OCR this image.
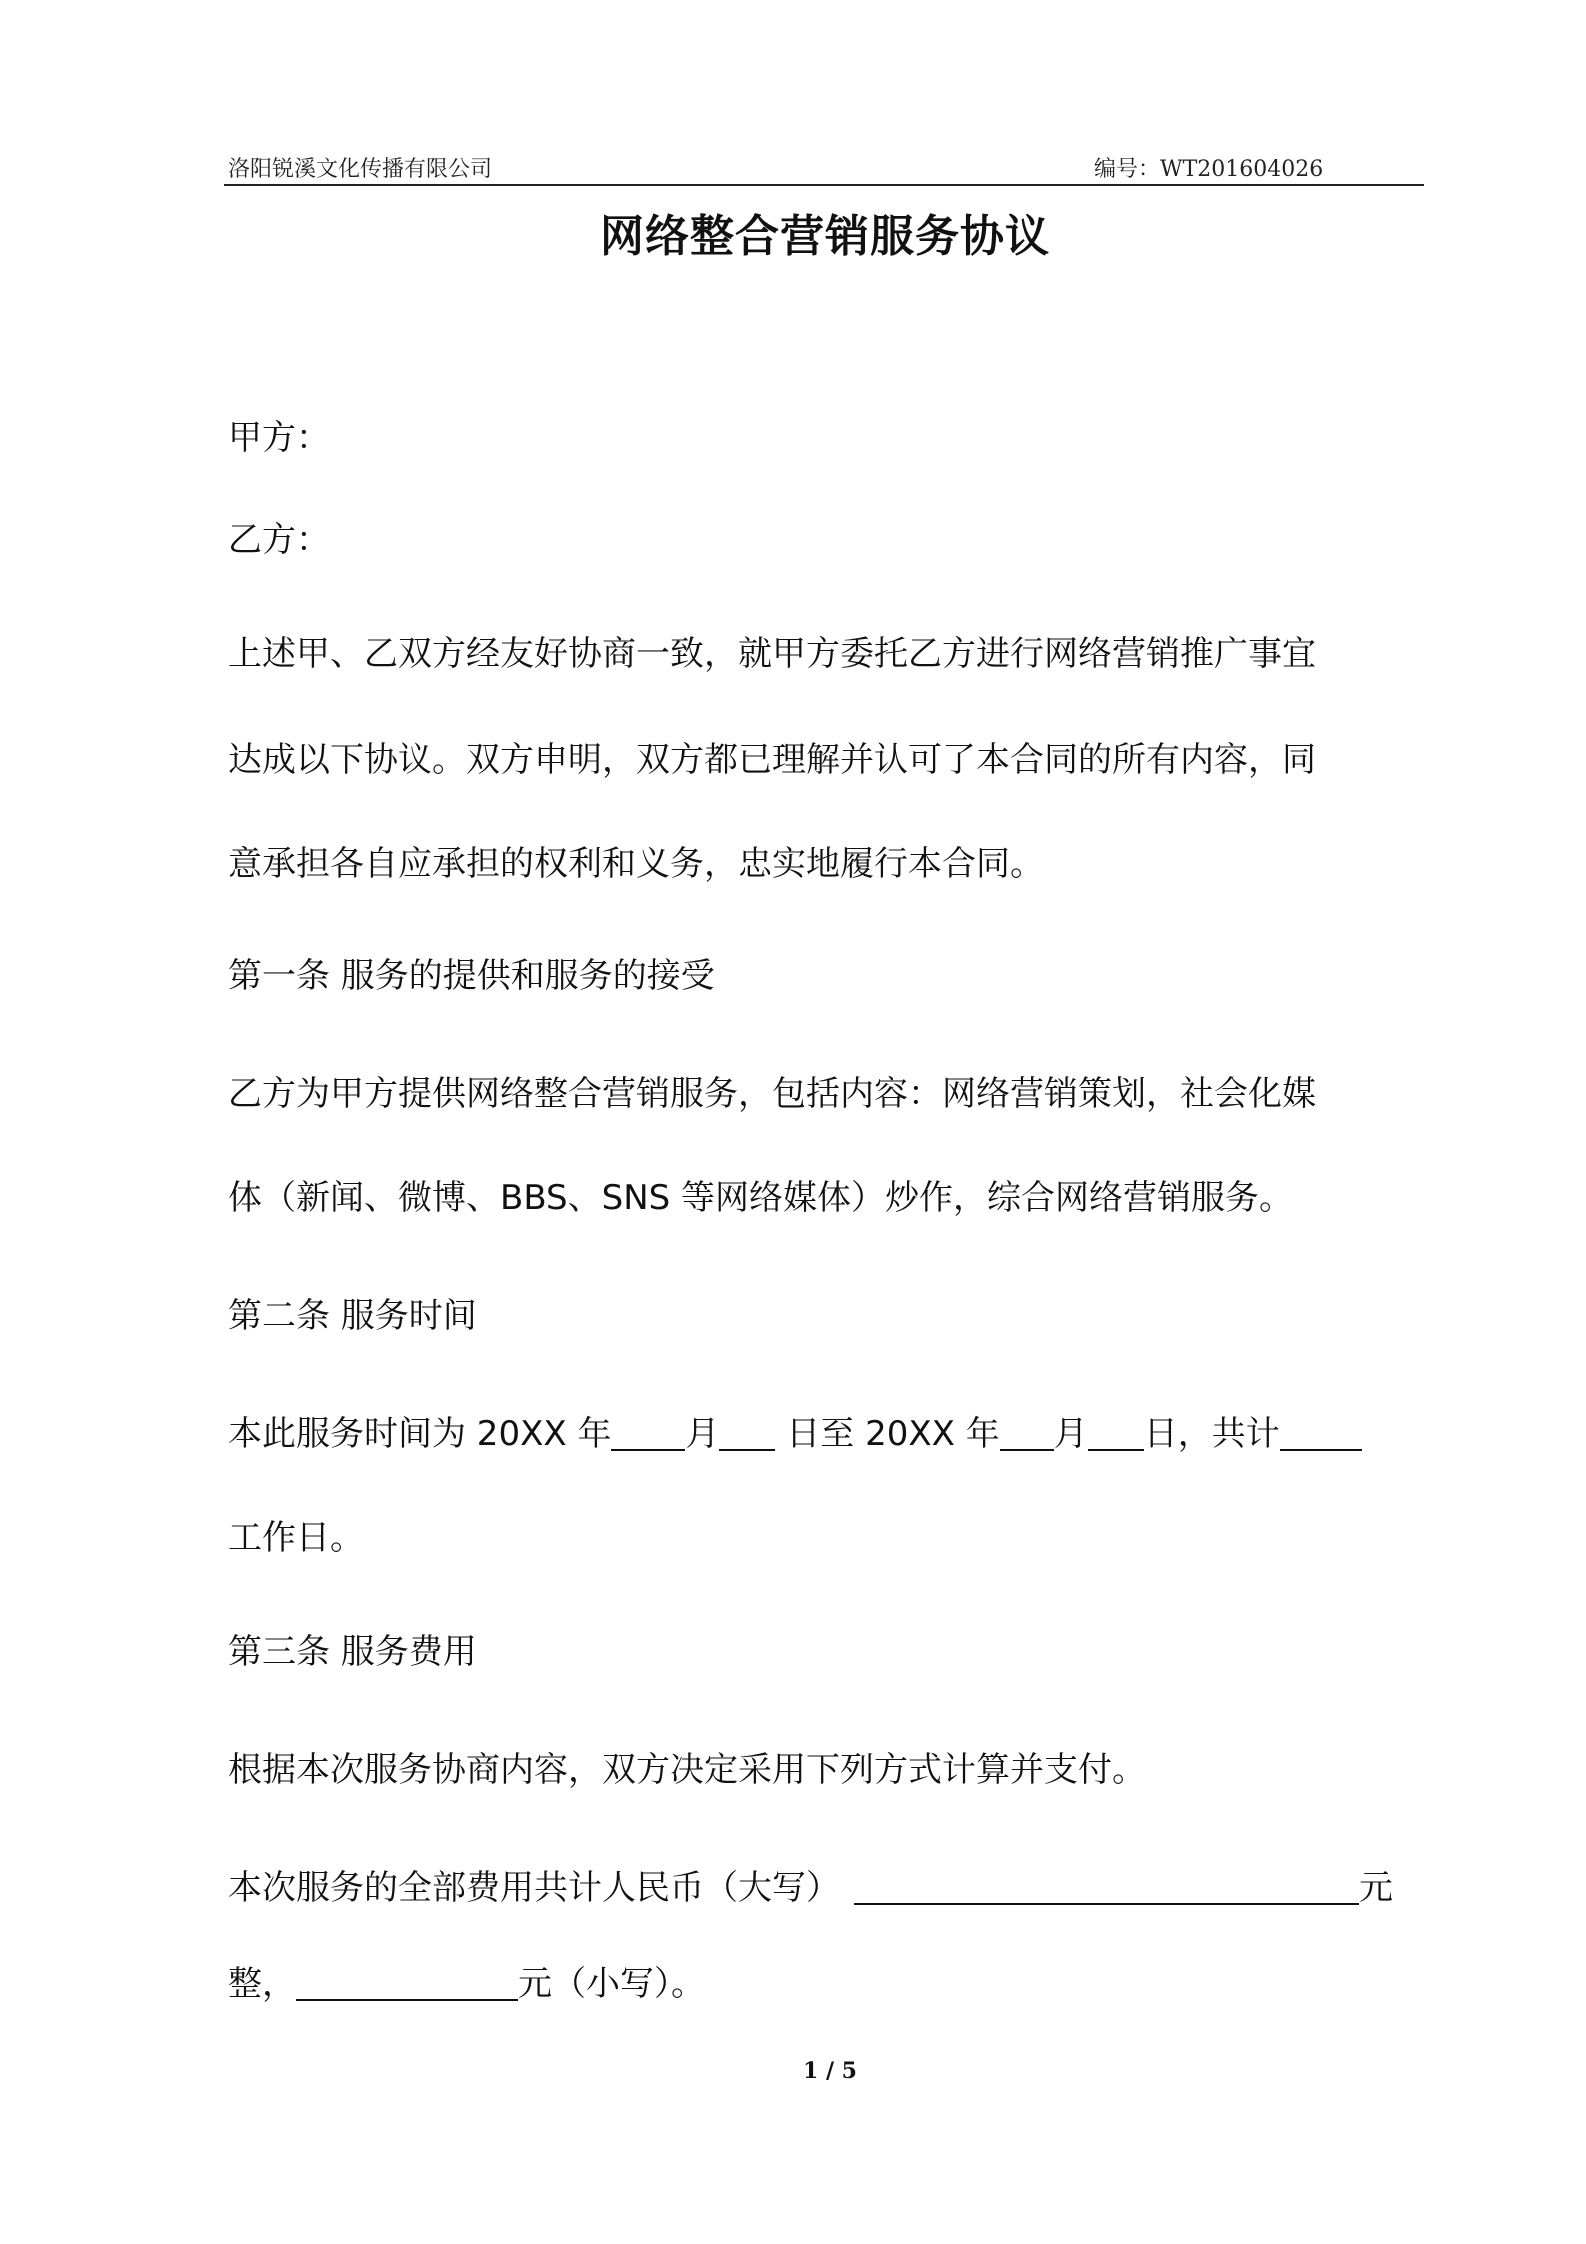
洛阳锐溪文化传播有限公司	编号：WT201604026
网络整合营销服务协议
甲方：
乙方：
上述甲、乙双方经友好协商一致，就甲方委托乙方进行网络营销推广事宜
达成以下协议。双方申明，双方都已理解并认可了本合同的所有内容，同
意承担各自应承担的权利和义务，忠实地履行本合同。
第一条 服务的提供和服务的接受
乙方为甲方提供网络整合营销服务，包括内容：网络营销策划，社会化媒
体（新闻、微博、BBS、SNS 等网络媒体）炒作，综合网络营销服务。
第二条 服务时间
本此服务时间为 20XX 年 月 日至 20XX 年 月 日，共计
工作日。
第三条 服务费用
根据本次服务协商内容，双方决定采用下列方式计算并支付。
本次服务的全部费用共计人民币（大写）	元
整，	元（小写）。
1 / 5
